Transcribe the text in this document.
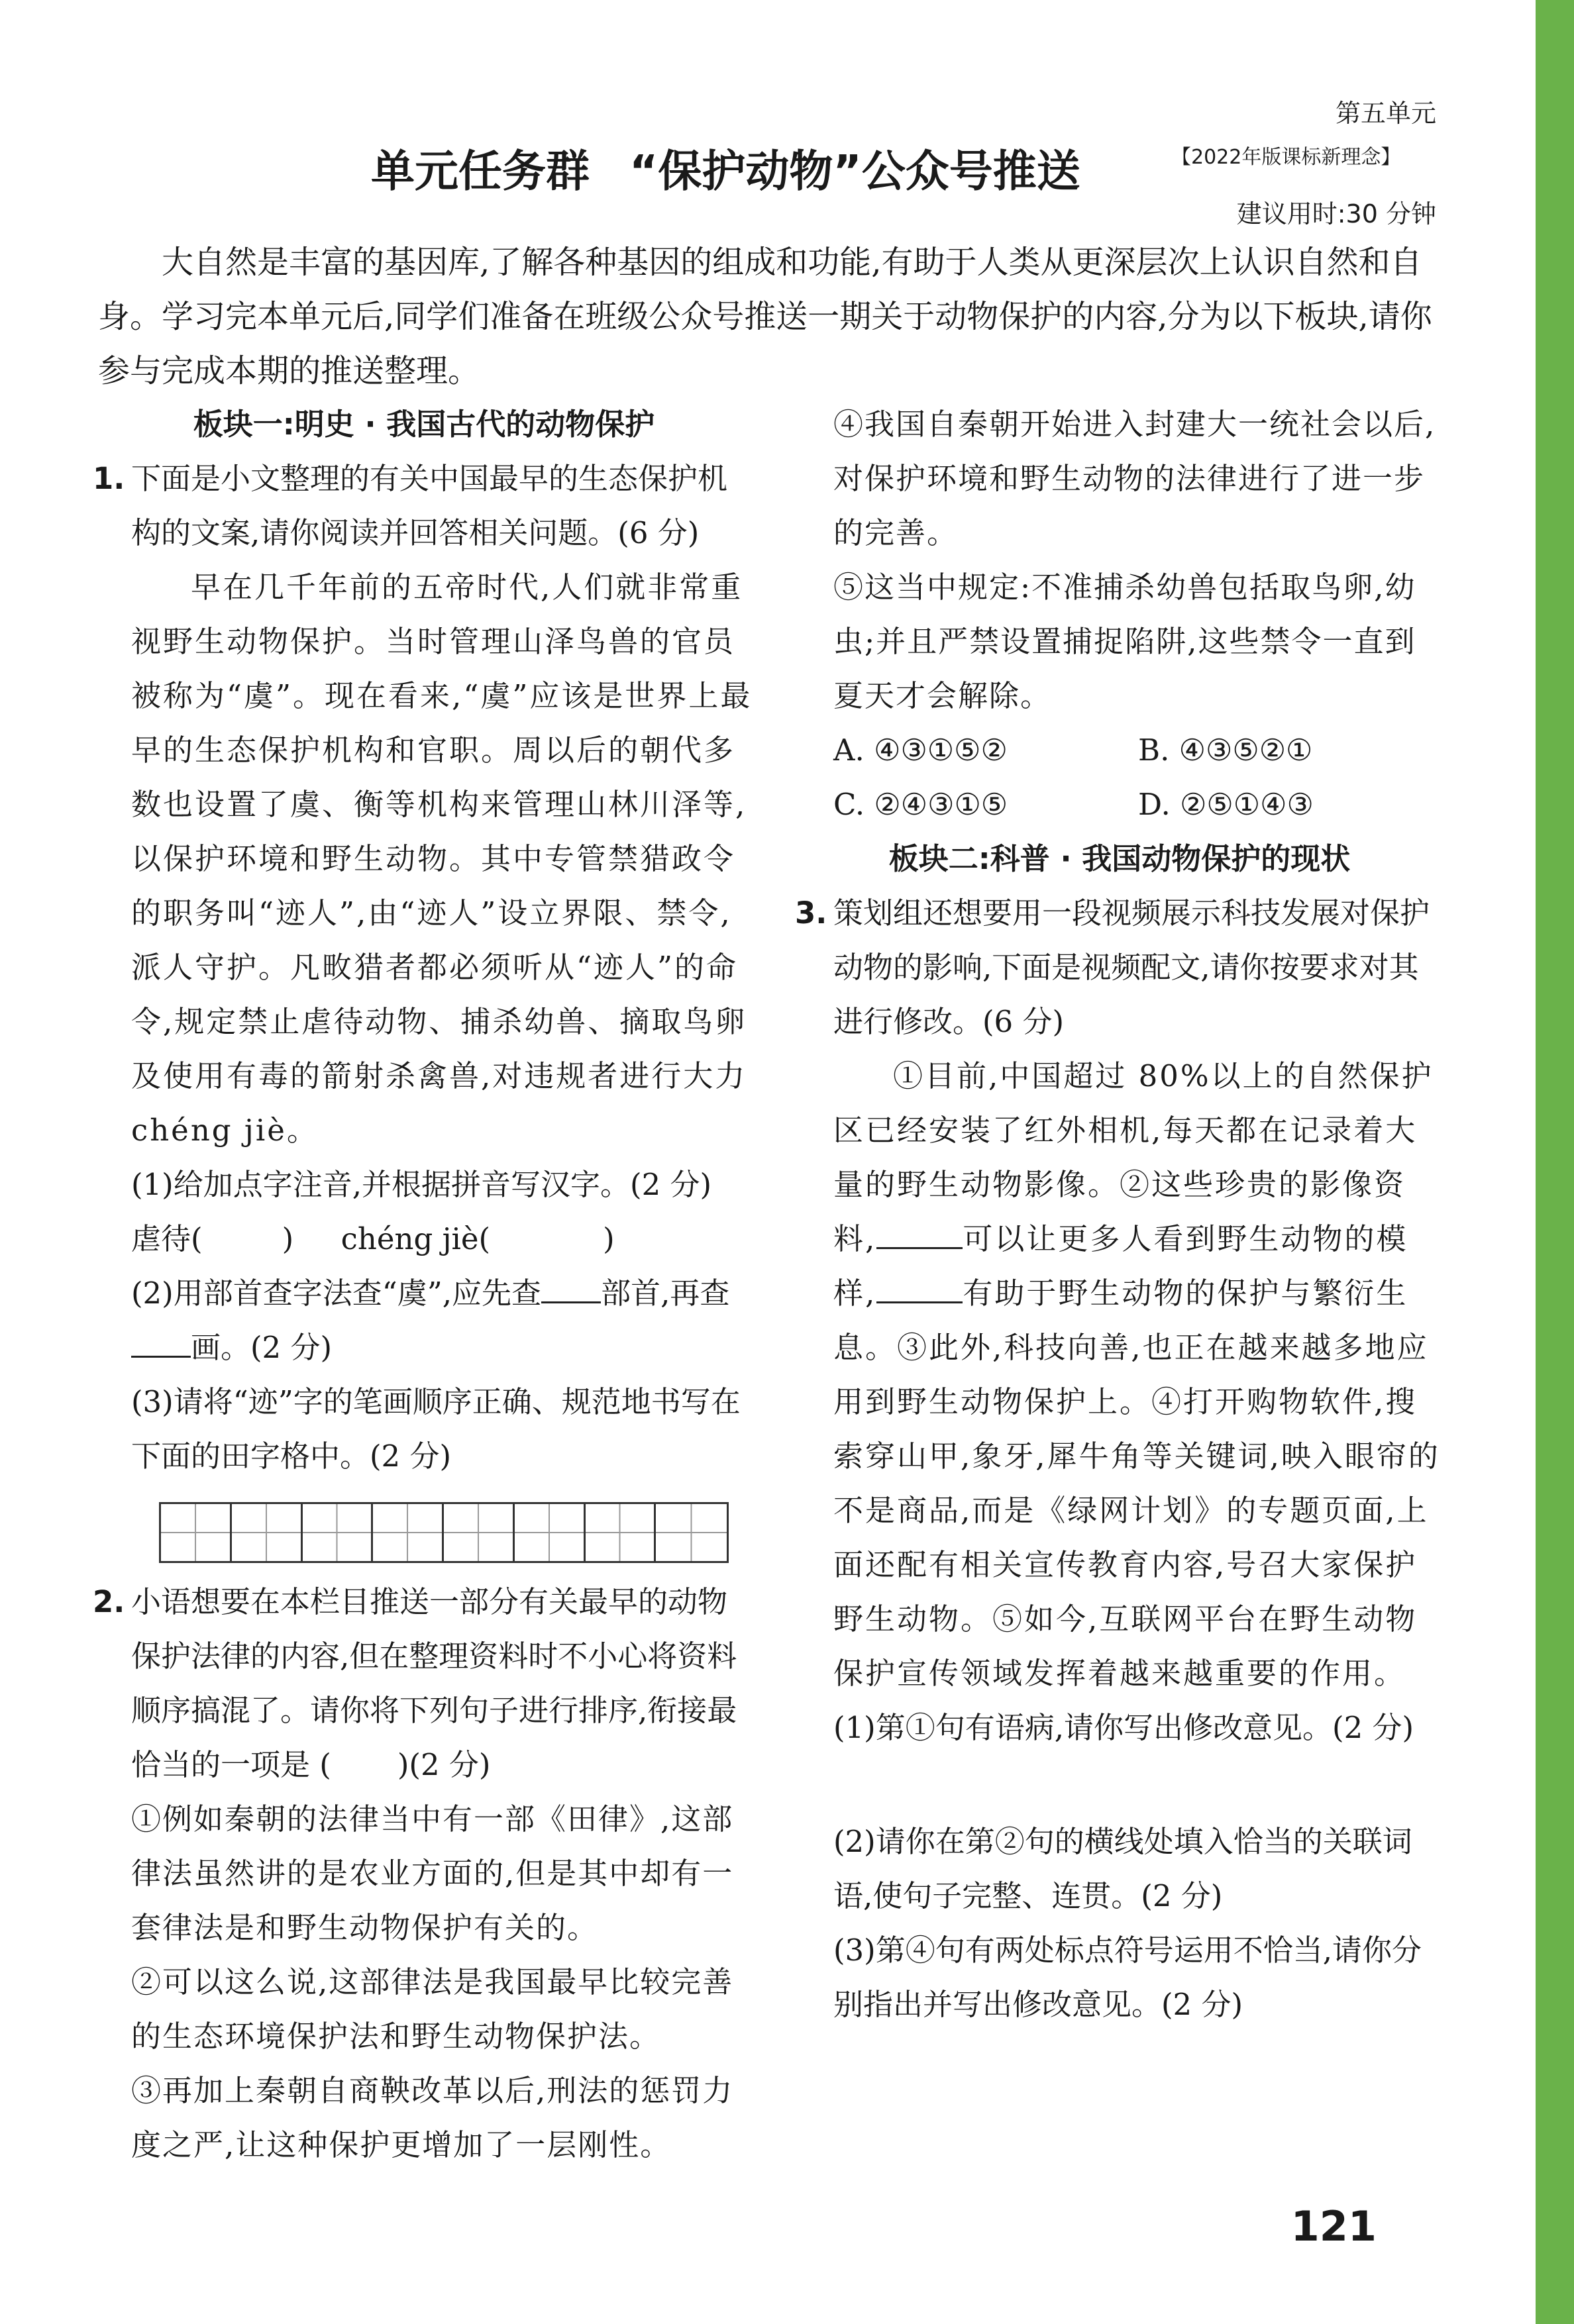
第五单元
单元任务群 “保护动物”公众号推送	【2022年版课标新理念】
建议用时:30 分钟

大自然是丰富的基因库,了解各种基因的组成和功能,有助于人类从更深层次上认识自然和自身。学习完本单元后,同学们准备在班级公众号推送一期关于动物保护的内容,分为以下板块,请你参与完成本期的推送整理。

板块一:明史 · 我国古代的动物保护

1. 下面是小文整理的有关中国最早的生态保护机构的文案,请你阅读并回答相关问题。(6 分)

早在几千年前的五帝时代,人们就非常重视野生动物保护。当时管理山泽鸟兽的官员被称为“虞”。现在看来,“虞”应该是世界上最早的生态保护机构和官职。周以后的朝代多数也设置了虞、衡等机构来管理山林川泽等,以保护环境和野生动物。其中专管禁猎政令的职务叫“迹人”,由“迹人”设立界限、禁令,派人守护。凡畋猎者都必须听从“迹人”的命令,规定禁止虐待动物、捕杀幼兽、摘取鸟卵及使用有毒的箭射杀禽兽,对违规者进行大力 chéng jiè。

(1)给加点字注音,并根据拼音写汉字。(2 分)

虐待(	) chéng jiè(	)

(2)用部首查字法查“虞”,应先查 部首,再查画。(2 分)

(3)请将“迹”字的笔画顺序正确、规范地书写在下面的田字格中。(2 分)

2. 小语想要在本栏目推送一部分有关最早的动物保护法律的内容,但在整理资料时不小心将资料顺序搞混了。请你将下列句子进行排序,衔接最恰当的一项是 ( )(2 分)

①例如秦朝的法律当中有一部《田律》,这部律法虽然讲的是农业方面的,但是其中却有一套律法是和野生动物保护有关的。

②可以这么说,这部律法是我国最早比较完善的生态环境保护法和野生动物保护法。

③再加上秦朝自商鞅改革以后,刑法的惩罚力度之严,让这种保护更增加了一层刚性。

④我国自秦朝开始进入封建大一统社会以后,对保护环境和野生动物的法律进行了进一步的完善。

⑤这当中规定:不准捕杀幼兽包括取鸟卵,幼虫;并且严禁设置捕捉陷阱,这些禁令一直到夏天才会解除。

A. ④③①⑤②	B. ④③⑤②①
C. ②④③①⑤	D. ②⑤①④③

板块二:科普 · 我国动物保护的现状

3. 策划组还想要用一段视频展示科技发展对保护动物的影响,下面是视频配文,请你按要求对其进行修改。(6 分)

①目前,中国超过 80%以上的自然保护区已经安装了红外相机,每天都在记录着大量的野生动物影像。②这些珍贵的影像资料,	可以让更多人看到野生动物的模样,	有助于野生动物的保护与繁衍生息。③此外,科技向善,也正在越来越多地应用到野生动物保护上。④打开购物软件,搜索穿山甲,象牙,犀牛角等关键词,映入眼帘的不是商品,而是《绿网计划》的专题页面,上面还配有相关宣传教育内容,号召大家保护野生动物。⑤如今,互联网平台在野生动物保护宣传领域发挥着越来越重要的作用。

(1)第①句有语病,请你写出修改意见。(2 分)

(2)请你在第②句的横线处填入恰当的关联词语,使句子完整、连贯。(2 分)

(3)第④句有两处标点符号运用不恰当,请你分别指出并写出修改意见。(2 分)

121
